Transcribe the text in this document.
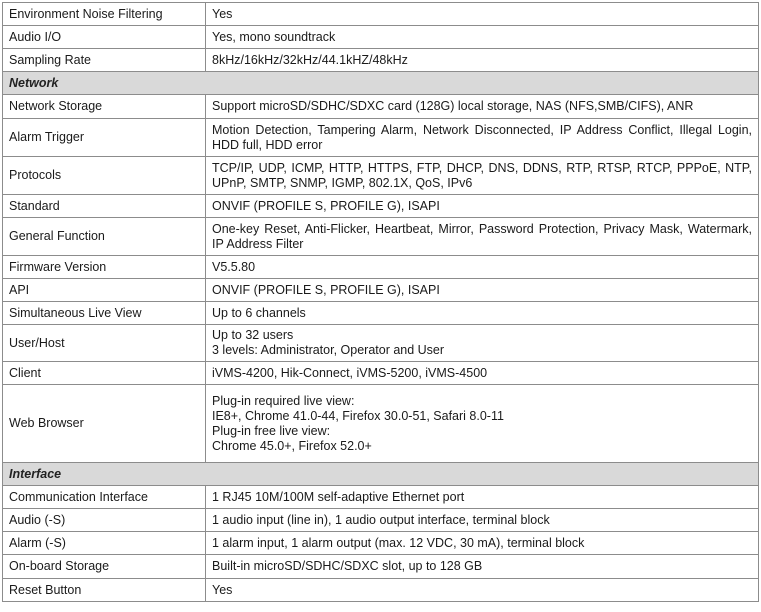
Environment Noise Filtering	Yes
Audio I/O	Yes, mono soundtrack
Sampling Rate	8kHz/16kHz/32kHz/44.1kHZ/48kHz
Network	
Network Storage	Support microSD/SDHC/SDXC card (128G) local storage, NAS (NFS,SMB/CIFS), ANR
Alarm Trigger	Motion Detection, Tampering Alarm, Network Disconnected, IP Address Conflict, Illegal Login, HDD full, HDD error
Protocols	TCP/IP, UDP, ICMP, HTTP, HTTPS, FTP, DHCP, DNS, DDNS, RTP, RTSP, RTCP, PPPoE, NTP, UPnP, SMTP, SNMP, IGMP, 802.1X, QoS, IPv6
Standard	ONVIF (PROFILE S, PROFILE G), ISAPI
General Function	One-key Reset, Anti-Flicker, Heartbeat, Mirror, Password Protection, Privacy Mask, Watermark, IP Address Filter
Firmware Version	V5.5.80
API	ONVIF (PROFILE S, PROFILE G), ISAPI
Simultaneous Live View	Up to 6 channels
User/Host	Up to 32 users
3 levels: Administrator, Operator and User

Client	iVMS-4200, Hik-Connect, iVMS-5200, iVMS-4500
Web Browser	Plug-in required live view:
IE8+, Chrome 41.0-44, Firefox 30.0-51, Safari 8.0-11
Plug-in free live view:
Chrome 45.0+, Firefox 52.0+

Interface	
Communication Interface	1 RJ45 10M/100M self-adaptive Ethernet port
Audio (-S)	1 audio input (line in), 1 audio output interface, terminal block
Alarm (-S)	1 alarm input, 1 alarm output (max. 12 VDC, 30 mA), terminal block
On-board Storage	Built-in microSD/SDHC/SDXC slot, up to 128 GB
Reset Button	Yes
